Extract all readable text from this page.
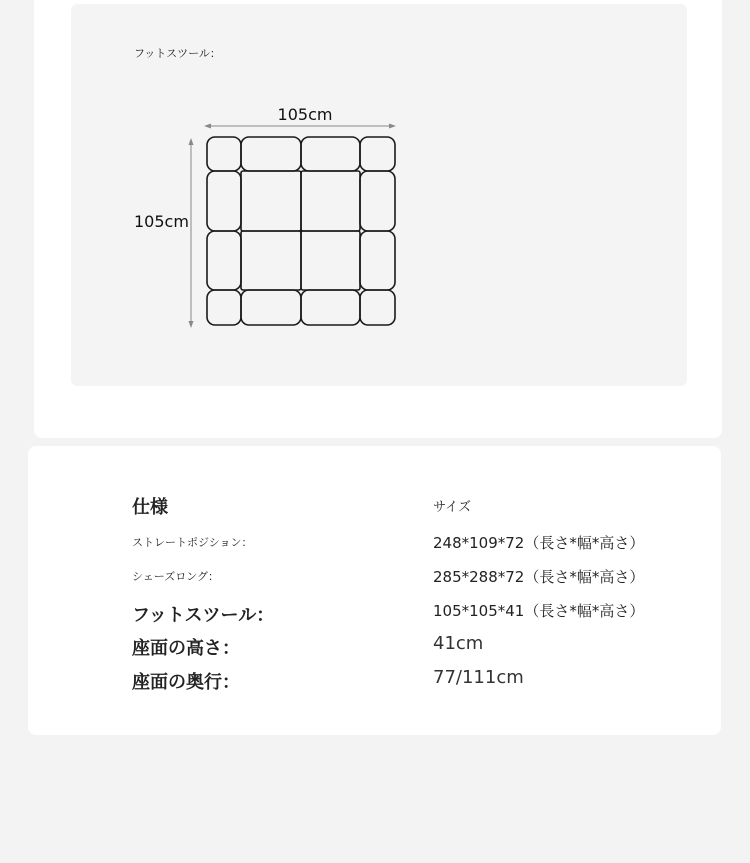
フットスツール：
105cm
105cm
仕様	サイズ
ストレートポジション：	248*109*72（長さ*幅*高さ）
シェーズロング：	285*288*72（長さ*幅*高さ）
フットスツール：	105*105*41（長さ*幅*高さ）
座面の高さ：	41cm
座面の奥行：	77/111cm
